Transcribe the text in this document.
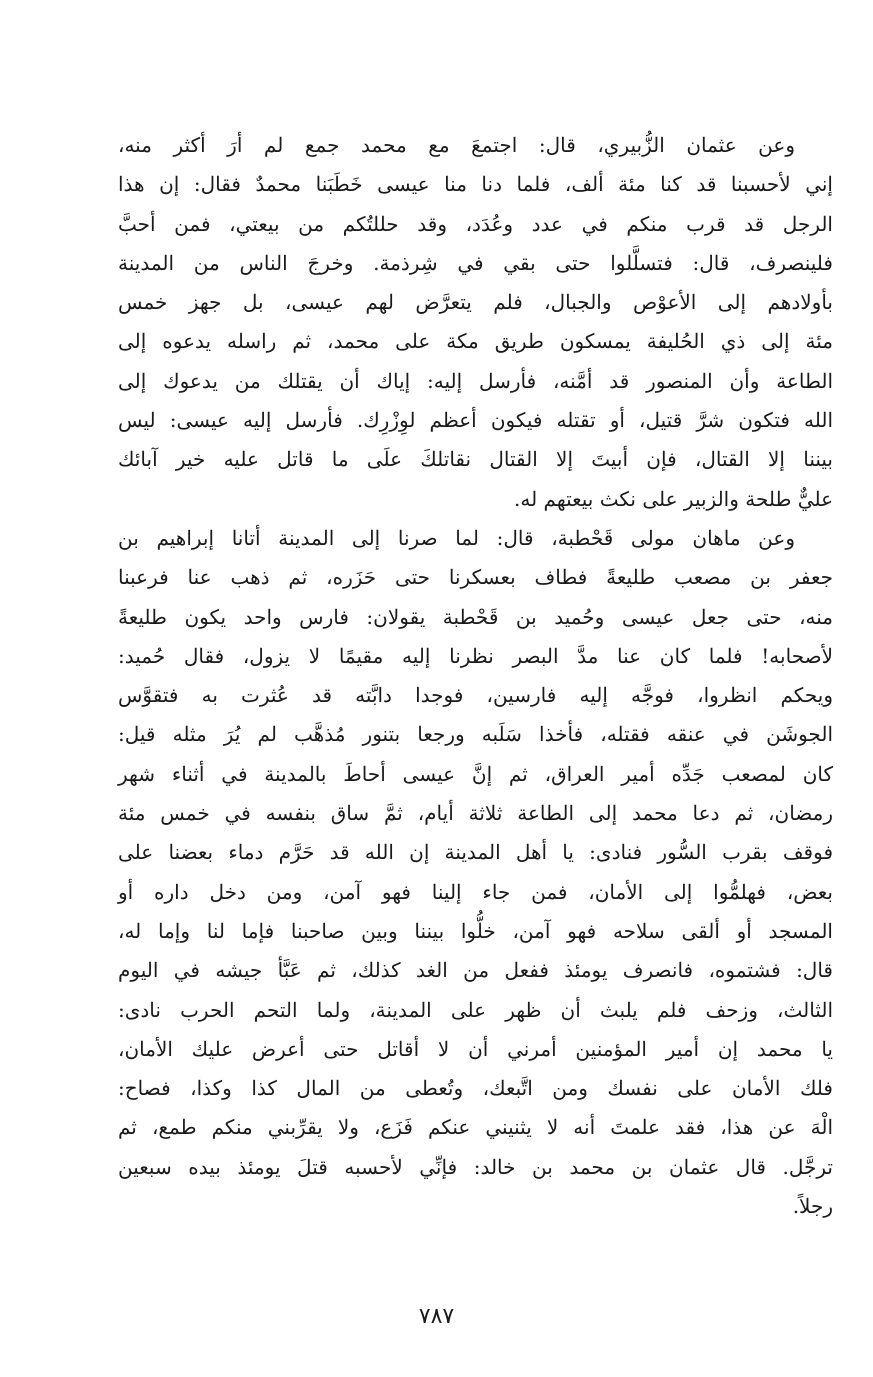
وعن عثمان الزُّبيري، قال: اجتمعَ مع محمد جمع لم أرَ أكثر منه،
إني لأحسبنا قد كنا مئة ألف، فلما دنا منا عيسى خَطَبَنا محمدٌ فقال: إن هذا
الرجل قد قرب منكم في عدد وعُدَد، وقد حللتُكم من بيعتي، فمن أحبَّ
فلينصرف، قال: فتسلَّلوا حتى بقي في شِرذمة. وخرجَ الناس من المدينة
بأولادهم إلى الأعوْص والجبال، فلم يتعرَّض لهم عيسى، بل جهز خمس
مئة إلى ذي الحُليفة يمسكون طريق مكة على محمد، ثم راسله يدعوه إلى
الطاعة وأن المنصور قد أمَّنه، فأرسل إليه: إياك أن يقتلك من يدعوك إلى
الله فتكون شرَّ قتيل، أو تقتله فيكون أعظم لوِزْرِك. فأرسل إليه عيسى: ليس
بيننا إلا القتال، فإن أبيتَ إلا القتال نقاتلكَ علَى ما قاتل عليه خير آبائك
عليٌّ طلحة والزبير على نكث بيعتهم له.
وعن ماهان مولى قَحْطبة، قال: لما صرنا إلى المدينة أتانا إبراهيم بن
جعفر بن مصعب طليعةً فطاف بعسكرنا حتى حَزَره، ثم ذهب عنا فرعبنا
منه، حتى جعل عيسى وحُميد بن قَحْطبة يقولان: فارس واحد يكون طليعةً
لأصحابه! فلما كان عنا مدَّ البصر نظرنا إليه مقيمًا لا يزول، فقال حُميد:
ويحكم انظروا، فوجَّه إليه فارسين، فوجدا دابَّته قد عُثرت به فتقوَّس
الجوشَن في عنقه فقتله، فأخذا سَلَبه ورجعا بتنور مُذهَّب لم يُرَ مثله قيل:
كان لمصعب جَدِّه أمير العراق، ثم إنَّ عيسى أحاطَ بالمدينة في أثناء شهر
رمضان، ثم دعا محمد إلى الطاعة ثلاثة أيام، ثمَّ ساق بنفسه في خمس مئة
فوقف بقرب السُّور فنادى: يا أهل المدينة إن الله قد حَرَّم دماء بعضنا على
بعض، فهلمُّوا إلى الأمان، فمن جاء إلينا فهو آمن، ومن دخل داره أو
المسجد أو ألقى سلاحه فهو آمن، خلُّوا بيننا وبين صاحبنا فإما لنا وإما له،
قال: فشتموه، فانصرف يومئذ ففعل من الغد كذلك، ثم عَبَّأ جيشه في اليوم
الثالث، وزحف فلم يلبث أن ظهر على المدينة، ولما التحم الحرب نادى:
يا محمد إن أمير المؤمنين أمرني أن لا أقاتل حتى أعرض عليك الأمان،
فلك الأمان على نفسك ومن اتَّبعك، وتُعطى من المال كذا وكذا، فصاح:
الْهَ عن هذا، فقد علمتَ أنه لا يثنيني عنكم فَزَع، ولا يقرِّبني منكم طمع، ثم
ترجَّل. قال عثمان بن محمد بن خالد: فإنِّي لأحسبه قتلَ يومئذ بيده سبعين
رجلاً.
٧٨٧
